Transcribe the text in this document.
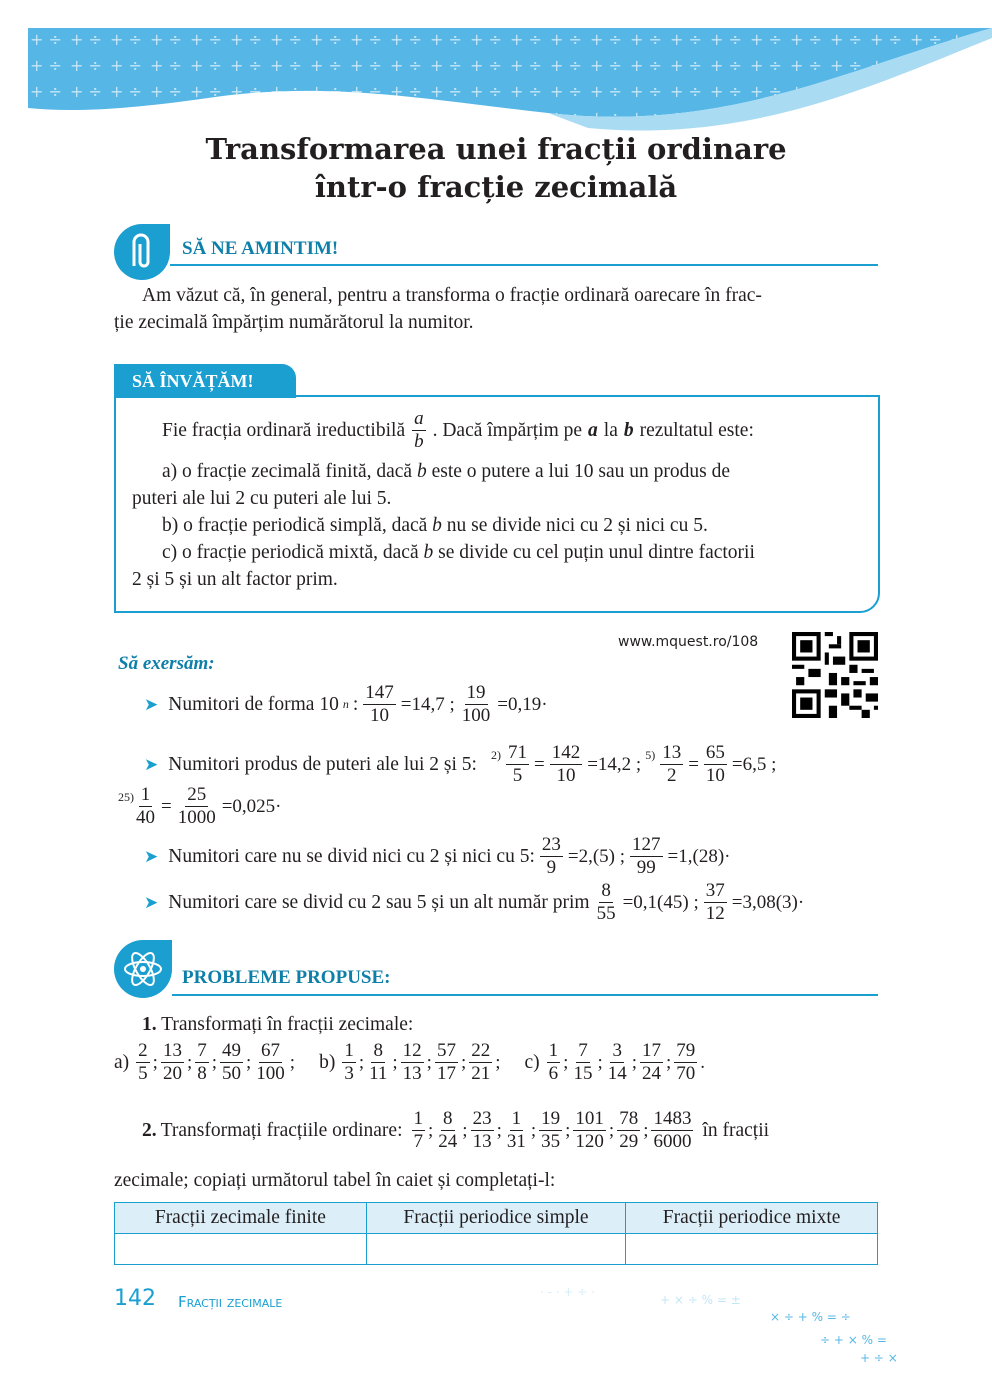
Transformarea unei fracții ordinare
într-o fracție zecimală
SĂ NE AMINTIM!
Am văzut că, în general, pentru a transforma o fracție ordinară oarecare în frac-
ție zecimală împărțim numărătorul la numitor.
SĂ ÎNVĂȚĂM!
Fie fracția ordinară ireductibilă $\frac{a}{b}$ . Dacă împărțim pe a la b rezultatul este:
a) o fracție zecimală finită, dacă b este o putere a lui 10 sau un produs de
puteri ale lui 2 cu puteri ale lui 5.
b) o fracție periodică simplă, dacă b nu se divide nici cu 2 și nici cu 5.
c) o fracție periodică mixtă, dacă b se divide cu cel puțin unul dintre factorii
2 și 5 și un alt factor prim.
www.mquest.ro/108
Să exersăm:
➤ Numitori de forma 10 n : $\frac{147}{10} =14,7$ ; $\frac{19}{100} =0,19\cdot$
➤ Numitori produs de puteri ale lui 2 și 5: $2) \frac{71}{5} = \frac{142}{10} =14,2$ ; $5) \frac{13}{2} = \frac{65}{10} =6,5$ ;
$25) \frac{1}{40} = \frac{25}{1000} =0,025\cdot$
➤ Numitori care nu se divid nici cu 2 și nici cu 5: $\frac{23}{9} =2,(5)$ ; $\frac{127}{99} =1,(28)\cdot$
➤ Numitori care se divid cu 2 sau 5 și un alt număr prim $\frac{8}{55} =0,1(45)$ ; $\frac{37}{12} =3,08(3)\cdot$
PROBLEME PROPUSE:
1. Transformați în fracții zecimale:
$a) \frac{2}{5}$ ; $\frac{13}{20}$ ; $\frac{7}{8}$ ; $\frac{49}{50}$ ; $\frac{67}{100}$ ; $b) \frac{1}{3}$ ; $\frac{8}{11}$ ; $\frac{12}{13}$ ; $\frac{57}{17}$ ; $\frac{22}{21}$ ; $c) \frac{1}{6}$ ; $\frac{7}{15}$ ; $\frac{3}{14}$ ; $\frac{17}{24}$ ; $\frac{79}{70}$ .
2. Transformați fracțiile ordinare: $\frac{1}{7}$ ; $\frac{8}{24}$ ; $\frac{23}{13}$ ; $\frac{1}{31}$ ; $\frac{19}{35}$ ; $\frac{101}{120}$ ; $\frac{78}{29}$ ; $\frac{1483}{6000}$ în fracții
zecimale; copiați următorul tabel în caiet și completați-l:
Fracții zecimale finite	Fracții periodice simple	Fracții periodice mixte

142 Fracții zecimale
· - · + ÷ ·
+ × ÷ % = ±
× ÷ + % = ÷
÷ + × % =
+ ÷ ×
